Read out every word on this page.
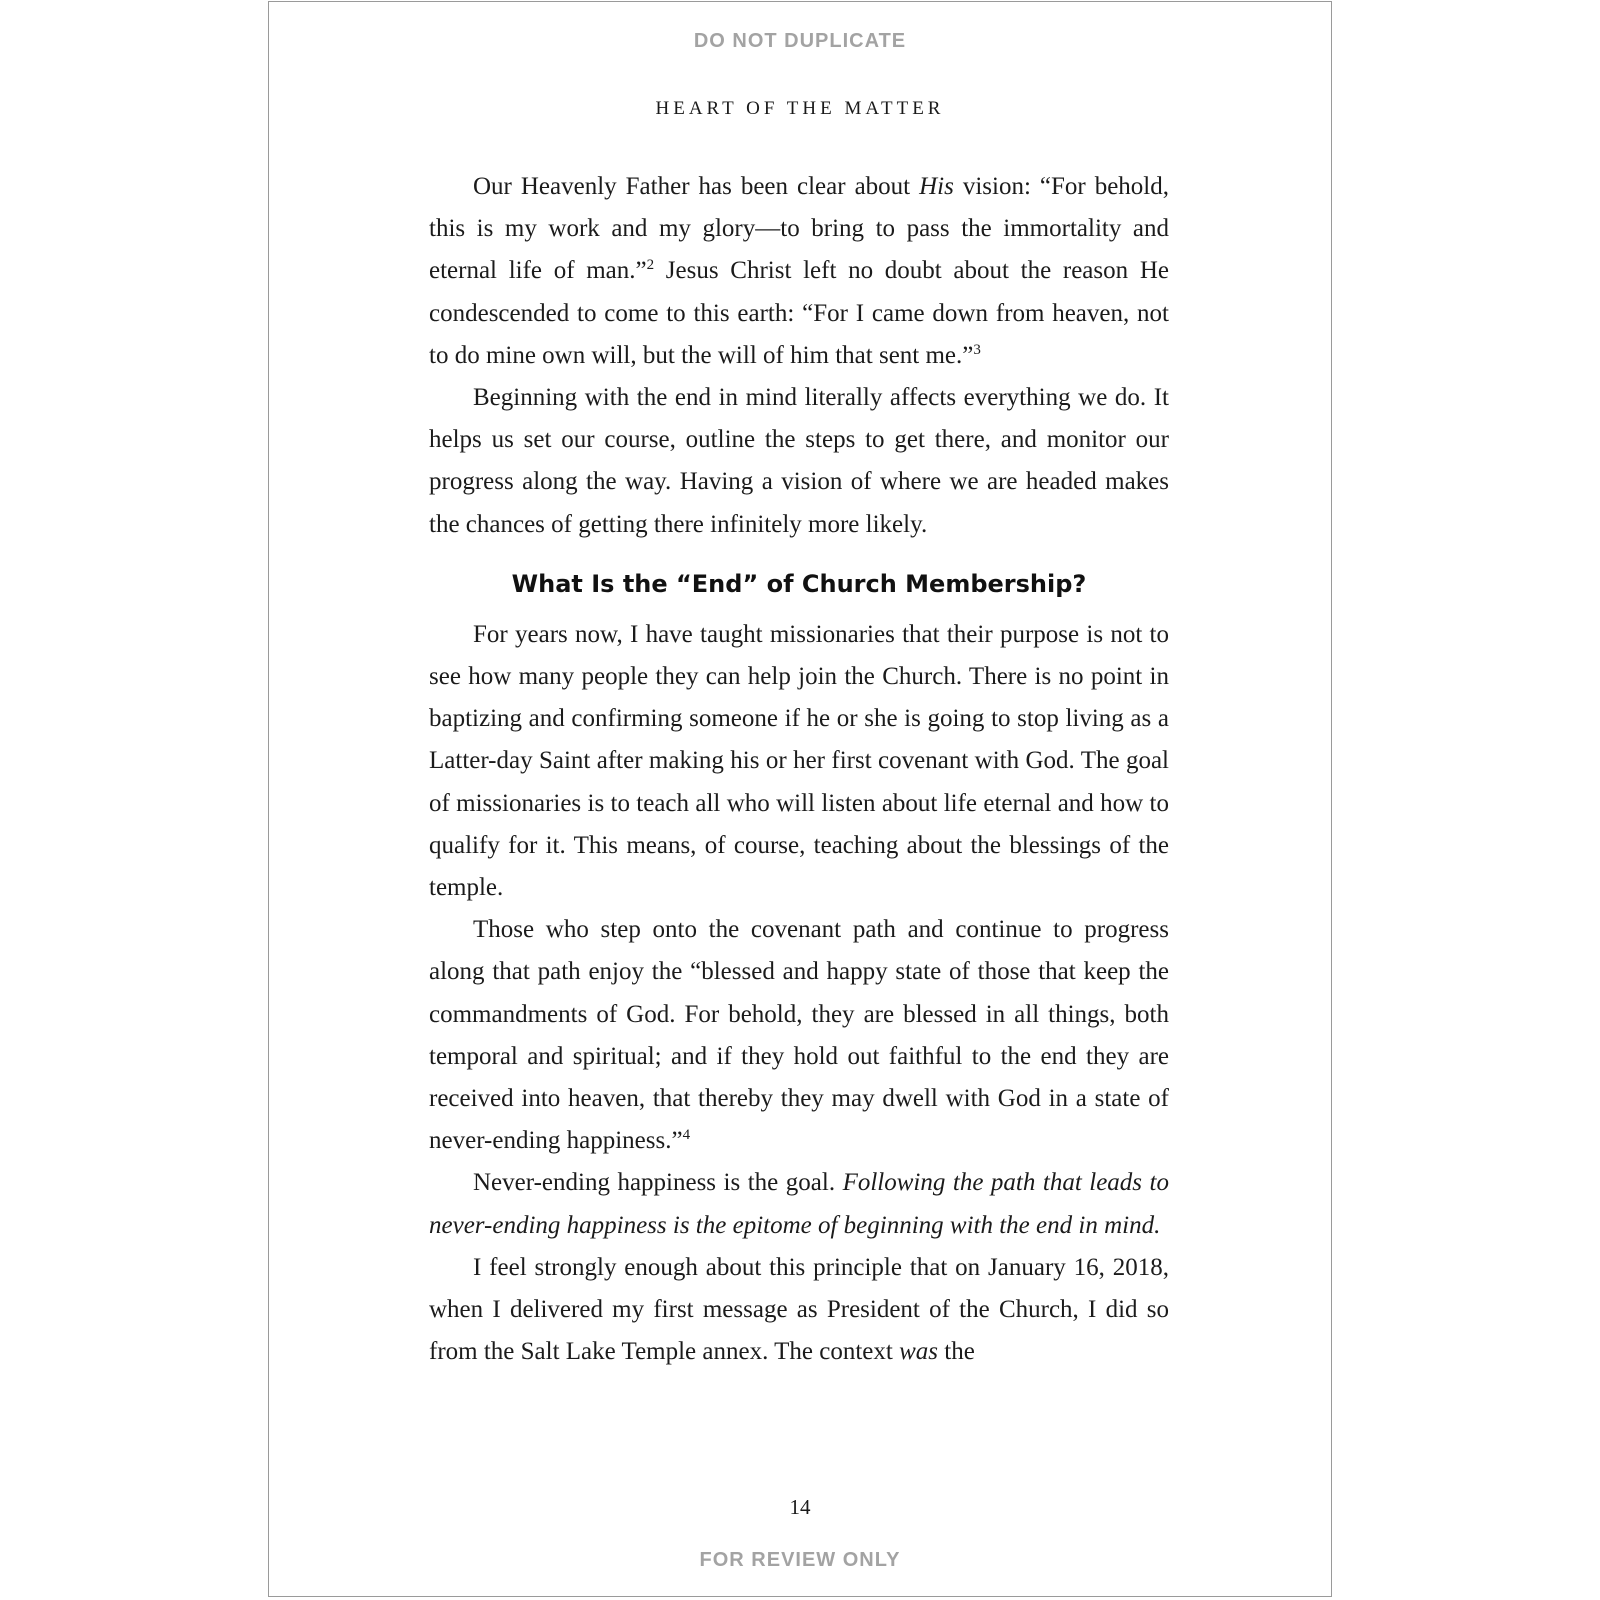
DO NOT DUPLICATE
HEART OF THE MATTER

Our Heavenly Father has been clear about His vision: “For behold, this is my work and my glory—to bring to pass the immortality and eternal life of man.”$^2$ Jesus Christ left no doubt about the reason He condescended to come to this earth: “For I came down from heaven, not to do mine own will, but the will of him that sent me.”$^3$

Beginning with the end in mind literally affects everything we do. It helps us set our course, outline the steps to get there, and monitor our progress along the way. Having a vision of where we are headed makes the chances of getting there infinitely more likely.

What Is the “End” of Church Membership?

For years now, I have taught missionaries that their purpose is not to see how many people they can help join the Church. There is no point in baptizing and confirming someone if he or she is going to stop living as a Latter-day Saint after making his or her first covenant with God. The goal of missionaries is to teach all who will listen about life eternal and how to qualify for it. This means, of course, teaching about the blessings of the temple.

Those who step onto the covenant path and continue to progress along that path enjoy the “blessed and happy state of those that keep the commandments of God. For behold, they are blessed in all things, both temporal and spiritual; and if they hold out faithful to the end they are received into heaven, that thereby they may dwell with God in a state of never-ending happiness.”$^4$

Never-ending happiness is the goal. Following the path that leads to never-ending happiness is the epitome of beginning with the end in mind.

I feel strongly enough about this principle that on January 16, 2018, when I delivered my first message as President of the Church, I did so from the Salt Lake Temple annex. The context was the

14
FOR REVIEW ONLY
